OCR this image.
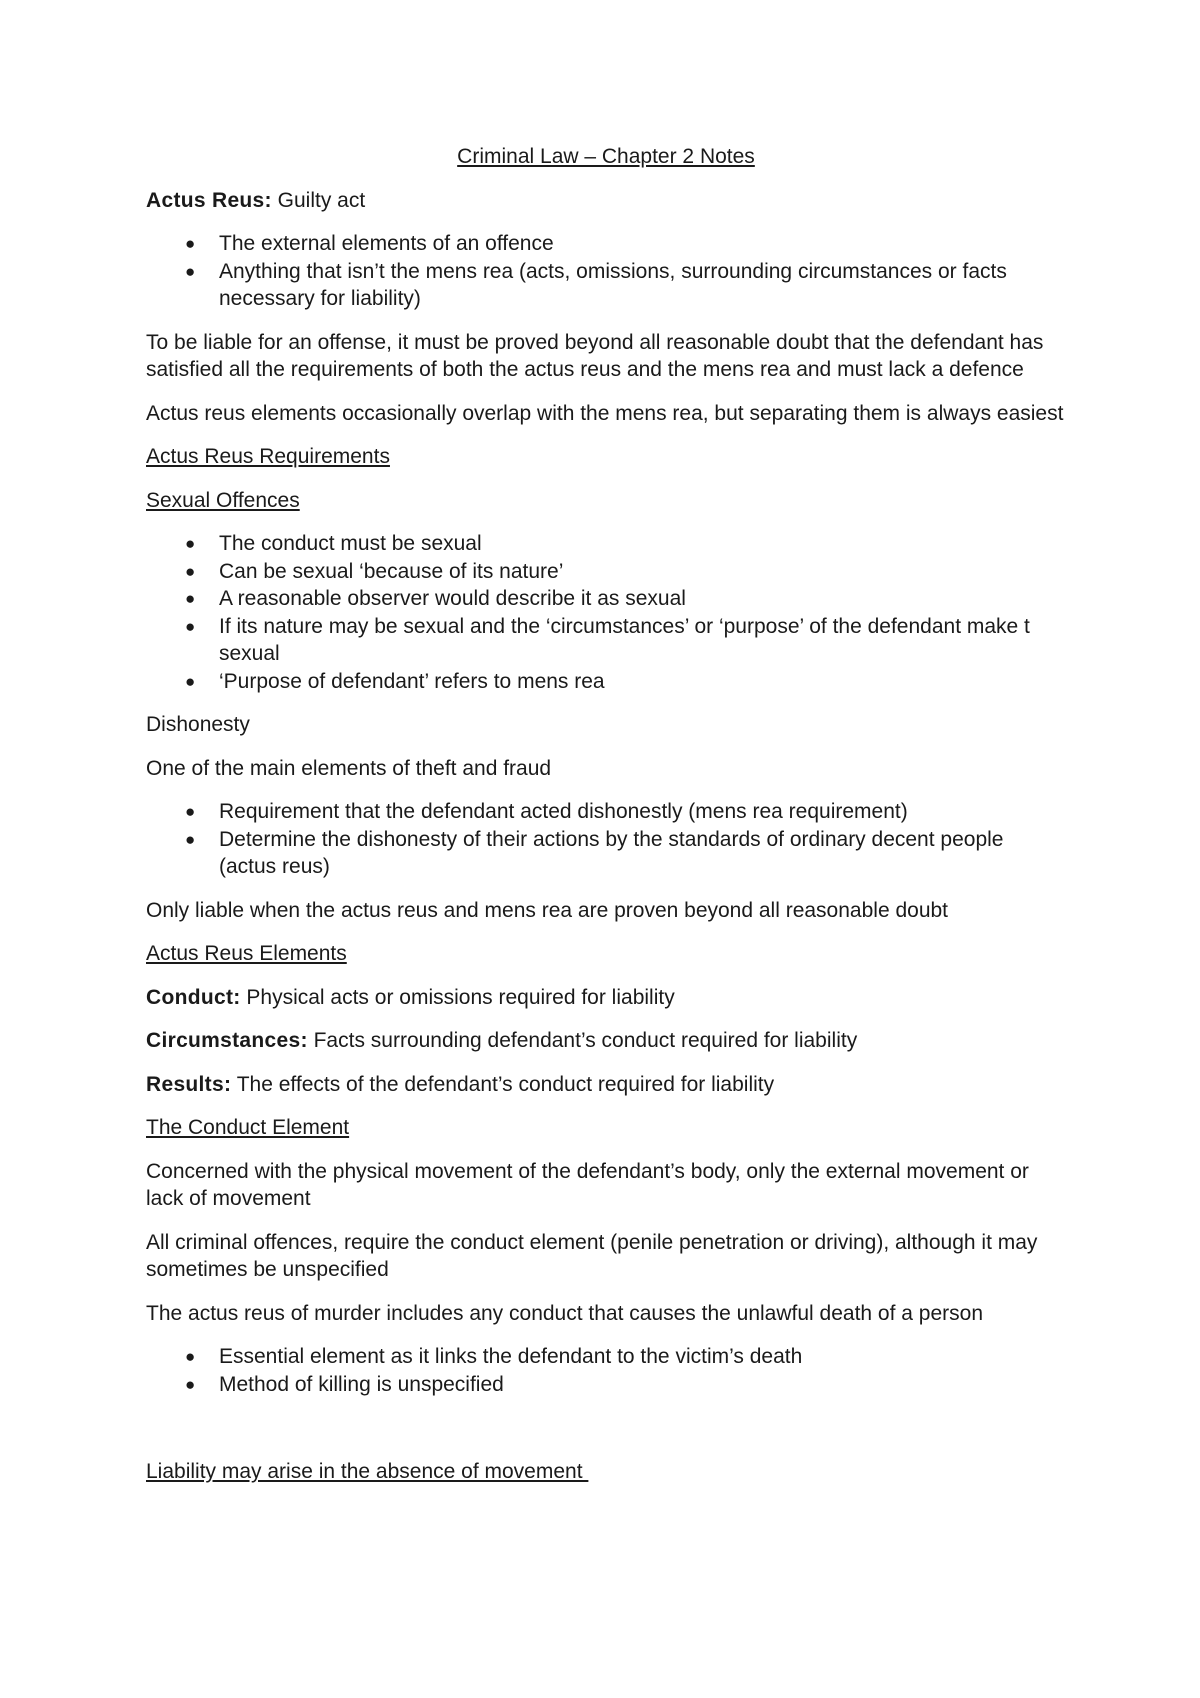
Criminal Law – Chapter 2 Notes

Actus Reus: Guilty act

● The external elements of an offence
● Anything that isn’t the mens rea (acts, omissions, surrounding circumstances or facts necessary for liability)

To be liable for an offense, it must be proved beyond all reasonable doubt that the defendant has satisfied all the requirements of both the actus reus and the mens rea and must lack a defence

Actus reus elements occasionally overlap with the mens rea, but separating them is always easiest

Actus Reus Requirements
Sexual Offences
● The conduct must be sexual
● Can be sexual ‘because of its nature’
● A reasonable observer would describe it as sexual
● If its nature may be sexual and the ‘circumstances’ or ‘purpose’ of the defendant make t sexual
● ‘Purpose of defendant’ refers to mens rea

Dishonesty

One of the main elements of theft and fraud

● Requirement that the defendant acted dishonestly (mens rea requirement)
● Determine the dishonesty of their actions by the standards of ordinary decent people (actus reus)

Only liable when the actus reus and mens rea are proven beyond all reasonable doubt

Actus Reus Elements

Conduct: Physical acts or omissions required for liability

Circumstances: Facts surrounding defendant’s conduct required for liability

Results: The effects of the defendant’s conduct required for liability

The Conduct Element

Concerned with the physical movement of the defendant’s body, only the external movement or lack of movement

All criminal offences, require the conduct element (penile penetration or driving), although it may sometimes be unspecified

The actus reus of murder includes any conduct that causes the unlawful death of a person

● Essential element as it links the defendant to the victim’s death
● Method of killing is unspecified
Liability may arise in the absence of movement
